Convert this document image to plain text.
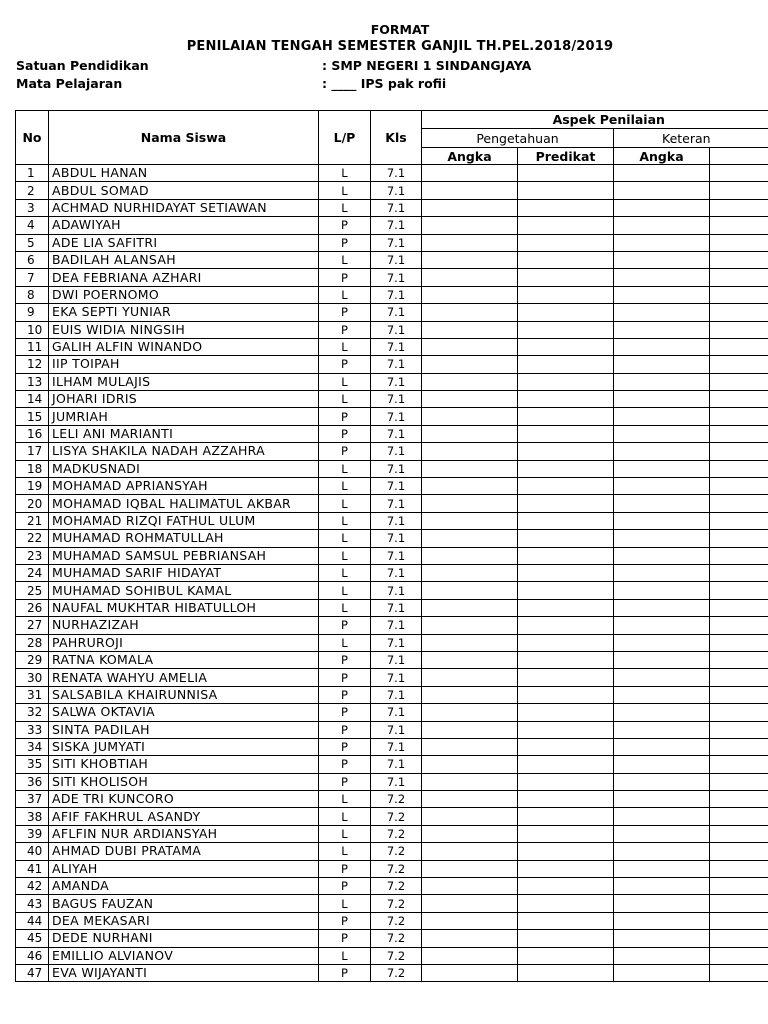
FORMAT
PENILAIAN TENGAH SEMESTER GANJIL TH.PEL.2018/2019
Satuan Pendidikan	: SMP NEGERI 1 SINDANGJAYA
Mata Pelajaran	: ____ IPS pak rofii
No	Nama Siswa	L/P	Kls	Aspek Penilaian			
				Pengetahuan		Keteran	
				Angka	Predikat	Angka	
1	ABDUL HANAN	L	7.1				
2	ABDUL SOMAD	L	7.1				
3	ACHMAD NURHIDAYAT SETIAWAN	L	7.1				
4	ADAWIYAH	P	7.1				
5	ADE LIA SAFITRI	P	7.1				
6	BADILAH ALANSAH	L	7.1				
7	DEA FEBRIANA AZHARI	P	7.1				
8	DWI POERNOMO	L	7.1				
9	EKA SEPTI YUNIAR	P	7.1				
10	EUIS WIDIA NINGSIH	P	7.1				
11	GALIH ALFIN WINANDO	L	7.1				
12	IIP TOIPAH	P	7.1				
13	ILHAM MULAJIS	L	7.1				
14	JOHARI IDRIS	L	7.1				
15	JUMRIAH	P	7.1				
16	LELI ANI MARIANTI	P	7.1				
17	LISYA SHAKILA NADAH AZZAHRA	P	7.1				
18	MADKUSNADI	L	7.1				
19	MOHAMAD APRIANSYAH	L	7.1				
20	MOHAMAD IQBAL HALIMATUL AKBAR	L	7.1				
21	MOHAMAD RIZQI FATHUL ULUM	L	7.1				
22	MUHAMAD ROHMATULLAH	L	7.1				
23	MUHAMAD SAMSUL PEBRIANSAH	L	7.1				
24	MUHAMAD SARIF HIDAYAT	L	7.1				
25	MUHAMAD SOHIBUL KAMAL	L	7.1				
26	NAUFAL MUKHTAR HIBATULLOH	L	7.1				
27	NURHAZIZAH	P	7.1				
28	PAHRUROJI	L	7.1				
29	RATNA KOMALA	P	7.1				
30	RENATA WAHYU AMELIA	P	7.1				
31	SALSABILA KHAIRUNNISA	P	7.1				
32	SALWA OKTAVIA	P	7.1				
33	SINTA PADILAH	P	7.1				
34	SISKA JUMYATI	P	7.1				
35	SITI KHOBTIAH	P	7.1				
36	SITI KHOLISOH	P	7.1				
37	ADE TRI KUNCORO	L	7.2				
38	AFIF FAKHRUL ASANDY	L	7.2				
39	AFLFIN NUR ARDIANSYAH	L	7.2				
40	AHMAD DUBI PRATAMA	L	7.2				
41	ALIYAH	P	7.2				
42	AMANDA	P	7.2				
43	BAGUS FAUZAN	L	7.2				
44	DEA MEKASARI	P	7.2				
45	DEDE NURHANI	P	7.2				
46	EMILLIO ALVIANOV	L	7.2				
47	EVA WIJAYANTI	P	7.2				
